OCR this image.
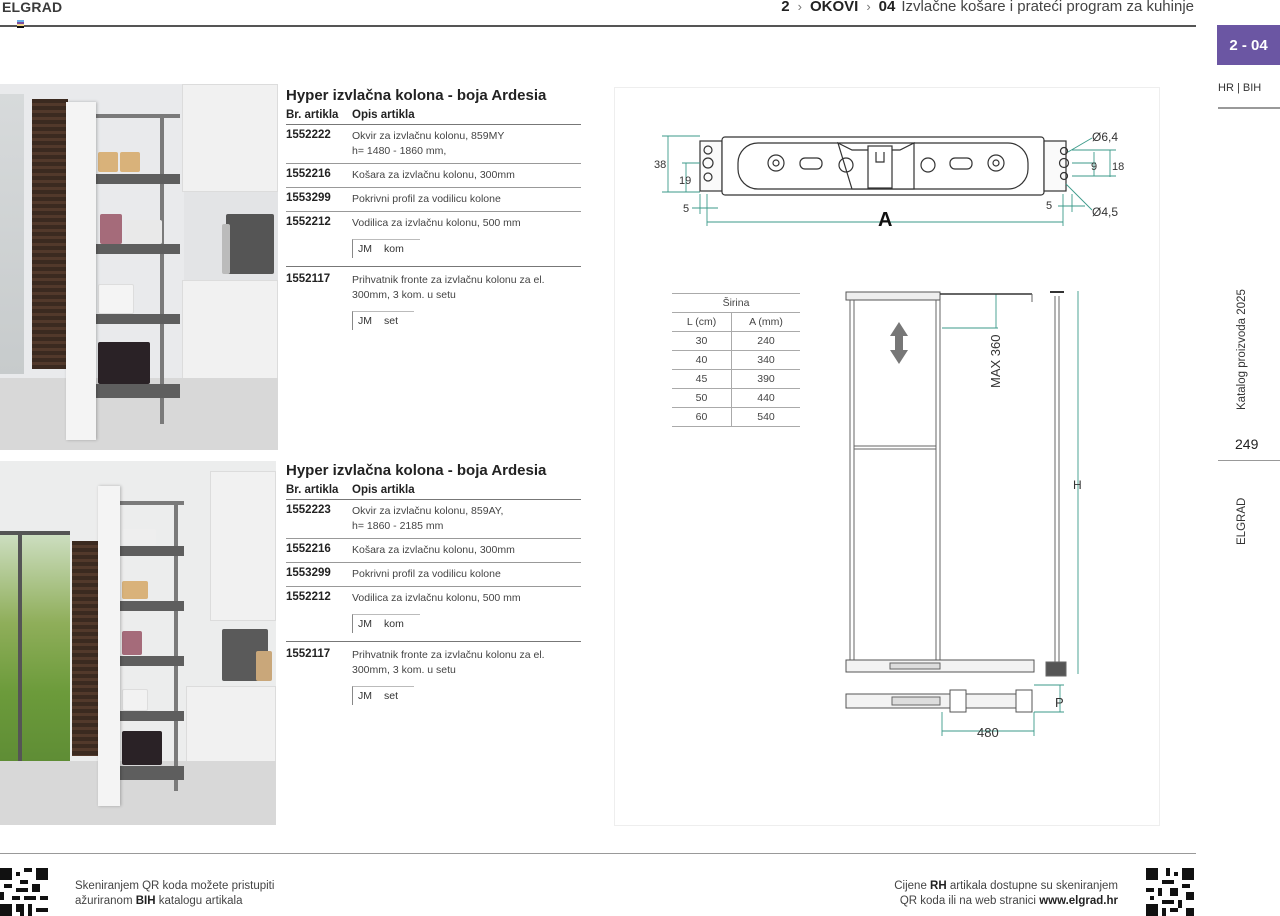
ELGRAD	2 › OKOVI › 04 Izvlačne košare i prateći program za kuhinje
2 - 04
HR | BIH
Katalog proizvoda 2025
249
ELGRAD
Hyper izvlačna kolona - boja Ardesia
Br. artikla	Opis artikla
1552222	Okvir za izvlačnu kolonu, 859MY
h= 1480 - 1860 mm,
1552216	Košara za izvlačnu kolonu, 300mm
1553299	Pokrivni profil za vodilicu kolone
1552212	Vodilica za izvlačnu kolonu, 500 mm
JM kom
1552117	Prihvatnik fronte za izvlačnu kolonu za el.
300mm, 3 kom. u setu
JM set
Hyper izvlačna kolona - boja Ardesia
Br. artikla	Opis artikla
1552223	Okvir za izvlačnu kolonu, 859AY,
h= 1860 - 2185 mm
1552216	Košara za izvlačnu kolonu, 300mm
1553299	Pokrivni profil za vodilicu kolone
1552212	Vodilica za izvlačnu kolonu, 500 mm
JM kom
1552117	Prihvatnik fronte za izvlačnu kolonu za el.
300mm, 3 kom. u setu
JM set
38
19
5	5
9 18
Ø6,4
Ø4,5
A
MAX 360
H
P
480
Širina	
L (cm)	A (mm)
30	240
40	340
45	390
50	440
60	540
Skeniranjem QR koda možete pristupiti
ažuriranom BIH katalogu artikala
Cijene RH artikala dostupne su skeniranjem
QR koda ili na web stranici www.elgrad.hr
